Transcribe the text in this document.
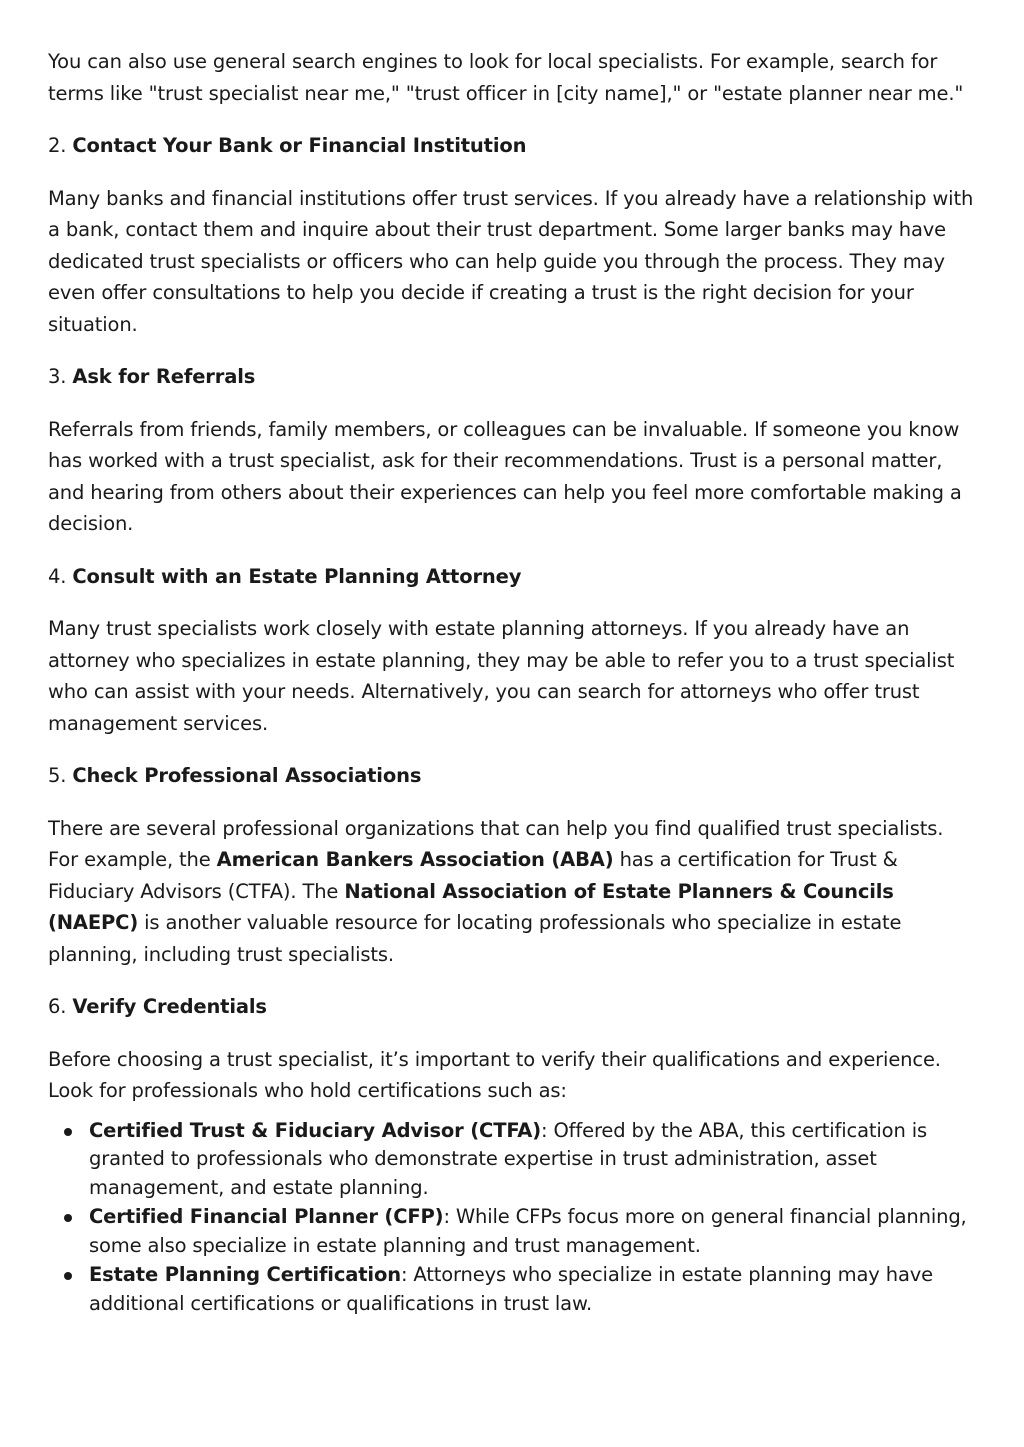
You can also use general search engines to look for local specialists. For example, search for terms like "trust specialist near me," "trust officer in [city name]," or "estate planner near me."

2. Contact Your Bank or Financial Institution

Many banks and financial institutions offer trust services. If you already have a relationship with a bank, contact them and inquire about their trust department. Some larger banks may have dedicated trust specialists or officers who can help guide you through the process. They may even offer consultations to help you decide if creating a trust is the right decision for your situation.

3. Ask for Referrals

Referrals from friends, family members, or colleagues can be invaluable. If someone you know has worked with a trust specialist, ask for their recommendations. Trust is a personal matter, and hearing from others about their experiences can help you feel more comfortable making a decision.

4. Consult with an Estate Planning Attorney

Many trust specialists work closely with estate planning attorneys. If you already have an attorney who specializes in estate planning, they may be able to refer you to a trust specialist who can assist with your needs. Alternatively, you can search for attorneys who offer trust management services.

5. Check Professional Associations

There are several professional organizations that can help you find qualified trust specialists. For example, the American Bankers Association (ABA) has a certification for Trust & Fiduciary Advisors (CTFA). The National Association of Estate Planners & Councils (NAEPC) is another valuable resource for locating professionals who specialize in estate planning, including trust specialists.

6. Verify Credentials

Before choosing a trust specialist, it’s important to verify their qualifications and experience. Look for professionals who hold certifications such as:

Certified Trust & Fiduciary Advisor (CTFA): Offered by the ABA, this certification is granted to professionals who demonstrate expertise in trust administration, asset management, and estate planning.
Certified Financial Planner (CFP): While CFPs focus more on general financial planning, some also specialize in estate planning and trust management.
Estate Planning Certification: Attorneys who specialize in estate planning may have additional certifications or qualifications in trust law.
